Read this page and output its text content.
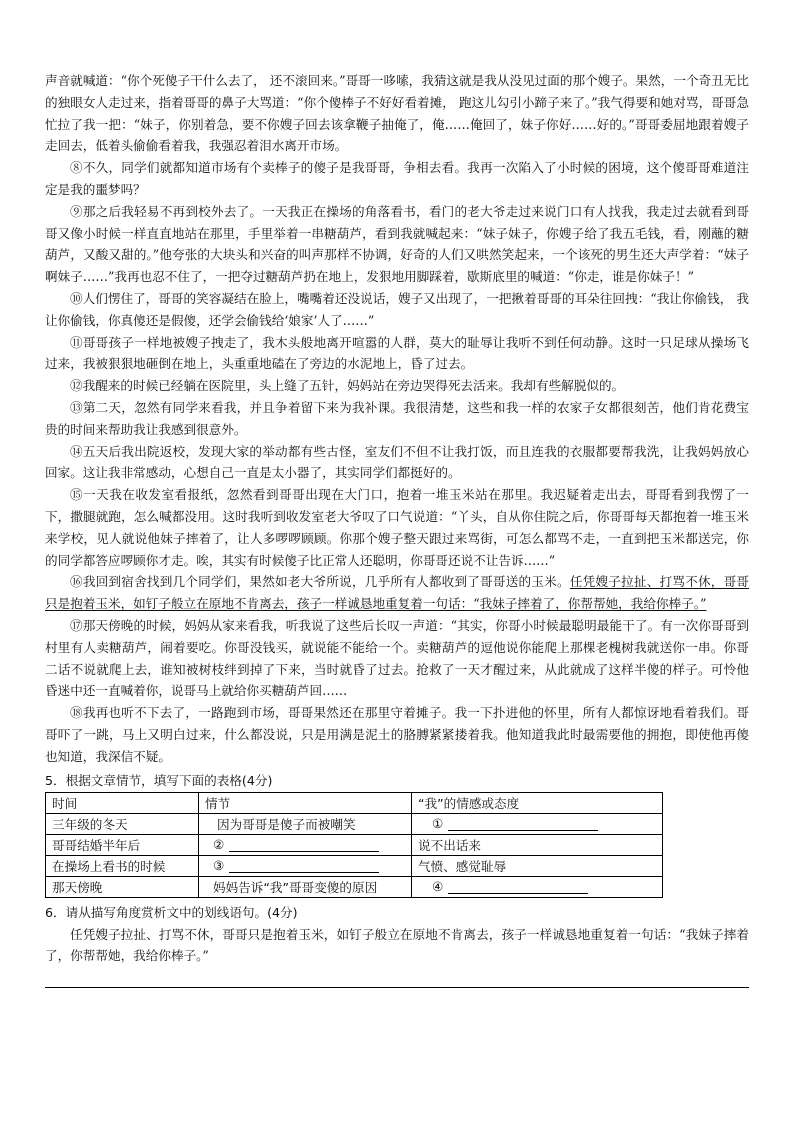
声音就喊道：“你个死傻子干什么去了， 还不滚回来。”哥哥一哆嗦，我猜这就是我从没见过面的那个嫂子。果然，一个奇丑无比的独眼女人走过来，指着哥哥的鼻子大骂道：“你个傻棒子不好好看着摊， 跑这儿勾引小蹄子来了。”我气得要和她对骂，哥哥急忙拉了我一把：“妹子，你别着急，要不你嫂子回去该拿鞭子抽俺了，俺……俺回了，妹子你好……好的。”哥哥委屈地跟着嫂子走回去，低着头偷偷看着我，我强忍着泪水离开市场。

⑧不久，同学们就都知道市场有个卖棒子的傻子是我哥哥，争相去看。我再一次陷入了小时候的困境，这个傻哥哥难道注定是我的噩梦吗？

⑨那之后我轻易不再到校外去了。一天我正在操场的角落看书，看门的老大爷走过来说门口有人找我，我走过去就看到哥哥又像小时候一样直直地站在那里，手里举着一串糖葫芦，看到我就喊起来：“妹子妹子，你嫂子给了我五毛钱，看，刚蘸的糖葫芦，又酸又甜的。”他夸张的大块头和兴奋的叫声那样不协调，好奇的人们又哄然笑起来，一个该死的男生还大声学着：“妹子啊妹子……”我再也忍不住了，一把夺过糖葫芦扔在地上，发狠地用脚踩着，歇斯底里的喊道：“你走，谁是你妹子！”

⑩人们愣住了，哥哥的笑容凝结在脸上，嘴嘴着还没说话，嫂子又出现了，一把揪着哥哥的耳朵往回拽：“我让你偷钱， 我让你偷钱，你真傻还是假傻，还学会偷钱给‘娘家’人了……”

⑪哥哥孩子一样地被嫂子拽走了，我木头般地离开喧嚣的人群，莫大的耻辱让我听不到任何动静。这时一只足球从操场飞过来，我被狠狠地砸倒在地上，头重重地磕在了旁边的水泥地上，昏了过去。

⑫我醒来的时候已经躺在医院里，头上缝了五针，妈妈站在旁边哭得死去活来。我却有些解脱似的。

⑬第二天，忽然有同学来看我，并且争着留下来为我补课。我很清楚，这些和我一样的农家子女都很刻苦，他们肯花费宝贵的时间来帮助我让我感到很意外。

⑭五天后我出院返校，发现大家的举动都有些古怪，室友们不但不让我打饭，而且连我的衣服都要帮我洗，让我妈妈放心回家。这让我非常感动，心想自己一直是太小器了，其实同学们都挺好的。

⑮一天我在收发室看报纸，忽然看到哥哥出现在大门口，抱着一堆玉米站在那里。我迟疑着走出去，哥哥看到我愣了一下，撒腿就跑，怎么喊都没用。这时我听到收发室老大爷叹了口气说道：“丫头，自从你住院之后，你哥哥每天都抱着一堆玉米来学校，见人就说他妹子摔着了，让人多啰啰顾顾。你那个嫂子整天跟过来骂街，可怎么都骂不走，一直到把玉米都送完，你的同学都答应啰顾你才走。唉，其实有时候傻子比正常人还聪明，你哥哥还说不让告诉……”

⑯我回到宿舍找到几个同学们，果然如老大爷所说，几乎所有人都收到了哥哥送的玉米。任凭嫂子拉扯、打骂不休，哥哥只是抱着玉米，如钉子般立在原地不肯离去，孩子一样诚恳地重复着一句话：“我妹子摔着了，你帮帮她，我给你棒子。”

⑰那天傍晚的时候，妈妈从家来看我，听我说了这些后长叹一声道：“其实，你哥小时候最聪明最能干了。有一次你哥哥到村里有人卖糖葫芦，闹着要吃。你哥没钱买，就说能不能给一个。卖糖葫芦的逗他说你能爬上那棵老槐树我就送你一串。你哥二话不说就爬上去，谁知被树枝绊到掉了下来，当时就昏了过去。抢救了一天才醒过来，从此就成了这样半傻的样子。可怜他昏迷中还一直喊着你，说哥马上就给你买糖葫芦回……

⑱我再也听不下去了，一路跑到市场，哥哥果然还在那里守着摊子。我一下扑进他的怀里，所有人都惊讶地看着我们。哥哥吓了一跳，马上又明白过来，什么都没说，只是用满是泥土的胳膊紧紧搂着我。他知道我此时最需要他的拥抱，即使他再傻也知道，我深信不疑。

5．根据文章情节，填写下面的表格(4分)

时间	情节	“我”的情感或态度
三年级的冬天	因为哥哥是傻子而被嘲笑	①
哥哥结婚半年后	②	说不出话来
在操场上看书的时候	③	气愤、感觉耻辱
那天傍晚	妈妈告诉“我”哥哥变傻的原因	④

6．请从描写角度赏析文中的划线语句。(4分)

任凭嫂子拉扯、打骂不休，哥哥只是抱着玉米，如钉子般立在原地不肯离去，孩子一样诚恳地重复着一句话：“我妹子摔着了，你帮帮她，我给你棒子。”
